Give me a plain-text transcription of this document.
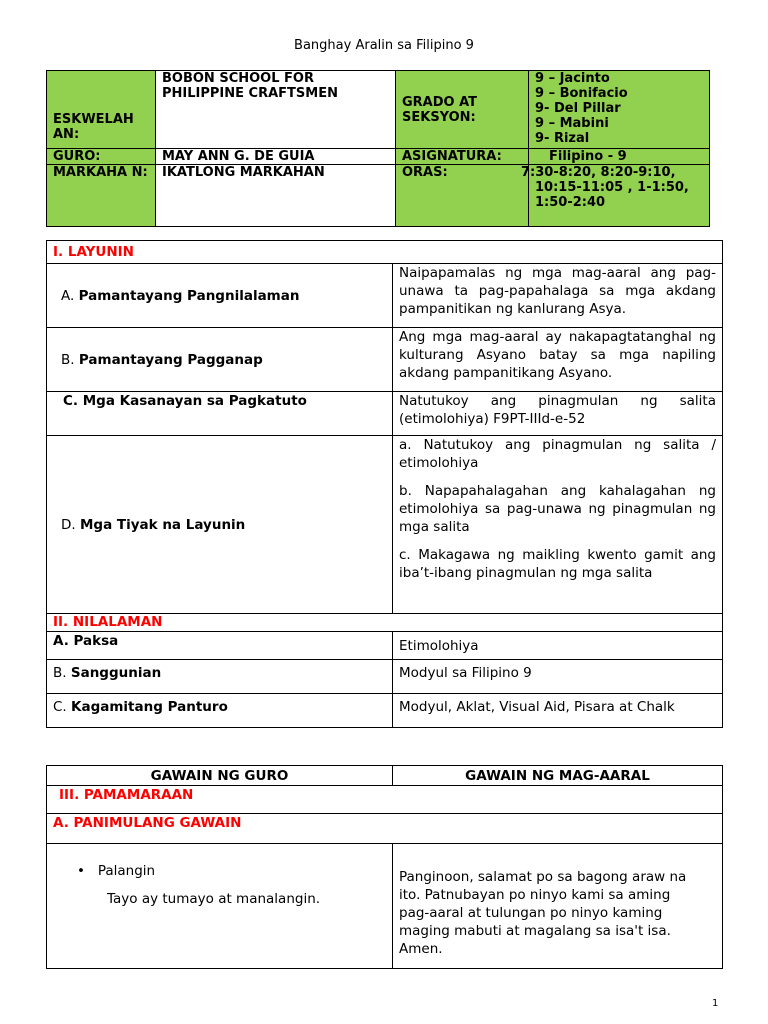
Banghay Aralin sa Filipino 9
ESKWELAH AN:	BOBON SCHOOL FOR PHILIPPINE CRAFTSMEN	GRADO AT SEKSYON:	9 – Jacinto
9 – Bonifacio
9- Del Pillar
9 – Mabini
9- Rizal

GURO:	MAY ANN G. DE GUIA	ASIGNATURA:	Filipino - 9
MARKAHA N:	IKATLONG MARKAHAN	ORAS:	7:30-8:20, 8:20-9:10, 10:15-11:05 , 1-1:50, 1:50-2:40
I. LAYUNIN	
A. Pamantayang Pangnilalaman	Naipapamalas ng mga mag-aaral ang pag-unawa ta pag-papahalaga sa mga akdang pampanitikan ng kanlurang Asya.
B. Pamantayang Pagganap	Ang mga mag-aaral ay nakapagtatanghal ng kulturang Asyano batay sa mga napiling akdang pampanitikang Asyano.
C. Mga Kasanayan sa Pagkatuto	Natutukoy ang pinagmulan ng salita (etimolohiya) F9PT-IIId-e-52
D. Mga Tiyak na Layunin	a. Natutukoy ang pinagmulan ng salita / etimolohiya
b. Napapahalagahan ang kahalagahan ng etimolohiya sa pag-unawa ng pinagmulan ng mga salita
c. Makagawa ng maikling kwento gamit ang iba’t-ibang pinagmulan ng mga salita

II. NILALAMAN	
A. Paksa	Etimolohiya
B. Sanggunian	Modyul sa Filipino 9
C. Kagamitang Panturo	Modyul, Aklat, Visual Aid, Pisara at Chalk
GAWAIN NG GURO	GAWAIN NG MAG-AARAL
III. PAMAMARAAN	
A. PANIMULANG GAWAIN	

• Palangin
Tayo ay tumayo at manalangin.	Panginoon, salamat po sa bagong araw na ito. Patnubayan po ninyo kami sa aming pag-aaral at tulungan po ninyo kaming maging mabuti at magalang sa isa't isa. Amen.
1
